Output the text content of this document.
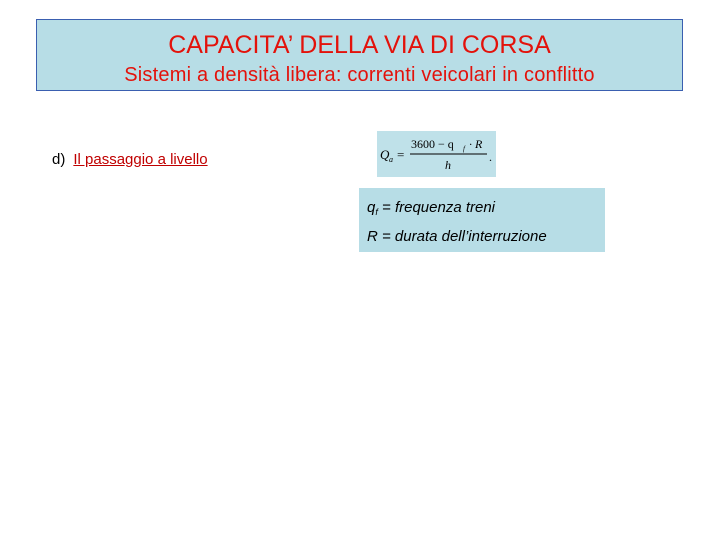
CAPACITA’ DELLA VIA DI CORSA
Sistemi a densità libera: correnti veicolari in conflitto
d) Il passaggio a livello	Q a =
3600 − q f · R
h
.
$q_f$ = frequenza treni
R = durata dell’interruzione
